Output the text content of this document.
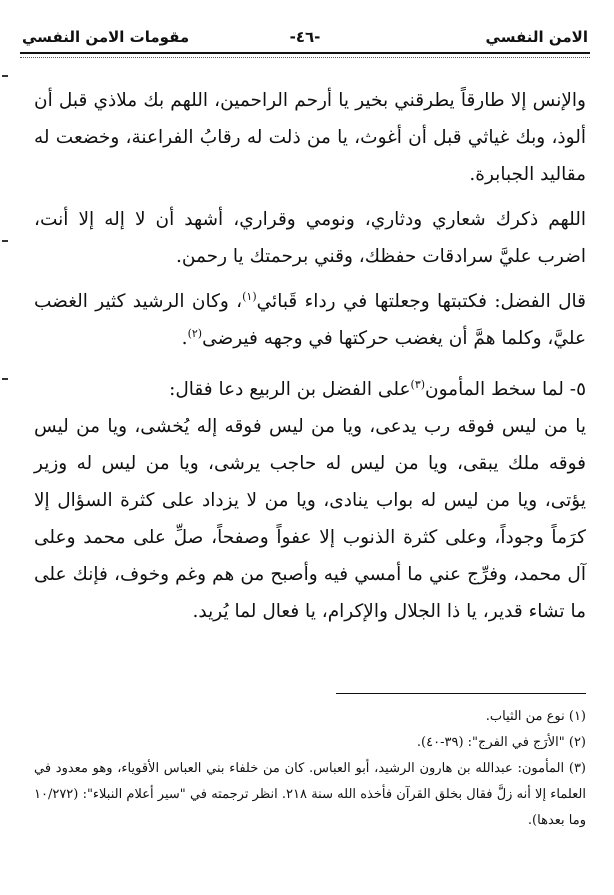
الامن النفسي
-٤٦-
مقومات الامن النفسي

والإنس إلا طارقاً يطرقني بخير يا أرحم الراحمين، اللهم بك ملاذي قبل أن ألوذ، وبك غياثي قبل أن أغوث، يا من ذلت له رقابُ الفراعنة، وخضعت له مقاليد الجبابرة.

اللهم ذكرك شعاري ودثاري، ونومي وقراري، أشهد أن لا إله إلا أنت، اضرب عليَّ سرادقات حفظك، وقني برحمتك يا رحمن.

قال الفضل: فكتبتها وجعلتها في رداء قَبائي$^{(١)}$، وكان الرشيد كثير الغضب عليَّ، وكلما همَّ أن يغضب حركتها في وجهه فيرضى$^{(٢)}$.

٥- لما سخط المأمون$^{(٣)}$على الفضل بن الربيع دعا فقال:

يا من ليس فوقه رب يدعى، ويا من ليس فوقه إله يُخشى، ويا من ليس فوقه ملك يبقى، ويا من ليس له حاجب يرشى، ويا من ليس له وزير يؤتى، ويا من ليس له بواب ينادى، ويا من لا يزداد على كثرة السؤال إلا كرَماً وجوداً، وعلى كثرة الذنوب إلا عفواً وصفحاً، صلِّ على محمد وعلى آل محمد، وفرِّج عني ما أمسي فيه وأصبح من هم وغم وخوف، فإنك على ما تشاء قدير، يا ذا الجلال والإكرام، يا فعال لما يُريد.

(١) نوع من الثياب.

(٢) "الأرَج في الفرج": (٣٩-٤٠).

(٣) المأمون: عبدالله بن هارون الرشيد، أبو العباس. كان من خلفاء بني العباس الأقوياء، وهو معدود في العلماء إلا أنه زلَّ فقال بخلق القرآن فأخذه الله سنة ٢١٨. انظر ترجمته في "سير أعلام النبلاء": (١٠/٢٧٢ وما بعدها).
